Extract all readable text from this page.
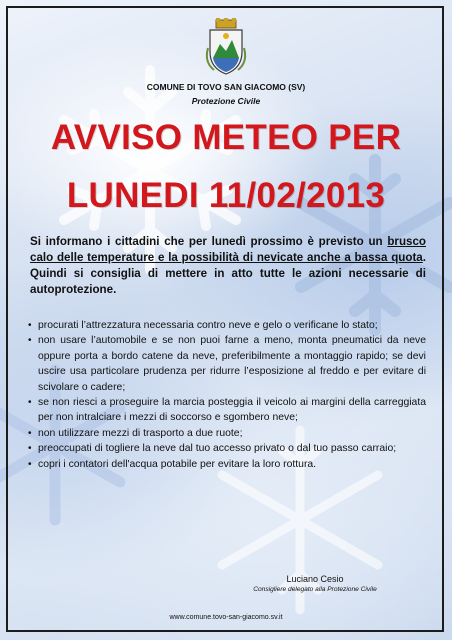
COMUNE DI TOVO SAN GIACOMO (SV)
Protezione Civile
AVVISO METEO PER
LUNEDI 11/02/2013
Si informano i cittadini che per lunedì prossimo è previsto un brusco calo delle temperature e la possibilità di nevicate anche a bassa quota. Quindi si consiglia di mettere in atto tutte le azioni necessarie di autoprotezione.
• procurati l’attrezzatura necessaria contro neve e gelo o verificane lo stato;
• non usare l’automobile e se non puoi farne a meno, monta pneumatici da neve oppure porta a bordo catene da neve, preferibilmente a montaggio rapido; se devi uscire usa particolare prudenza per ridurre l’esposizione al freddo e per evitare di scivolare o cadere;
• se non riesci a proseguire la marcia posteggia il veicolo ai margini della carreggiata per non intralciare i mezzi di soccorso e sgombero neve;
• non utilizzare mezzi di trasporto a due ruote;
• preoccupati di togliere la neve dal tuo accesso privato o dal tuo passo carraio;
• copri i contatori dell'acqua potabile per evitare la loro rottura.
Luciano Cesio
Consigliere delegato alla Protezione Civile
www.comune.tovo-san-giacomo.sv.it
